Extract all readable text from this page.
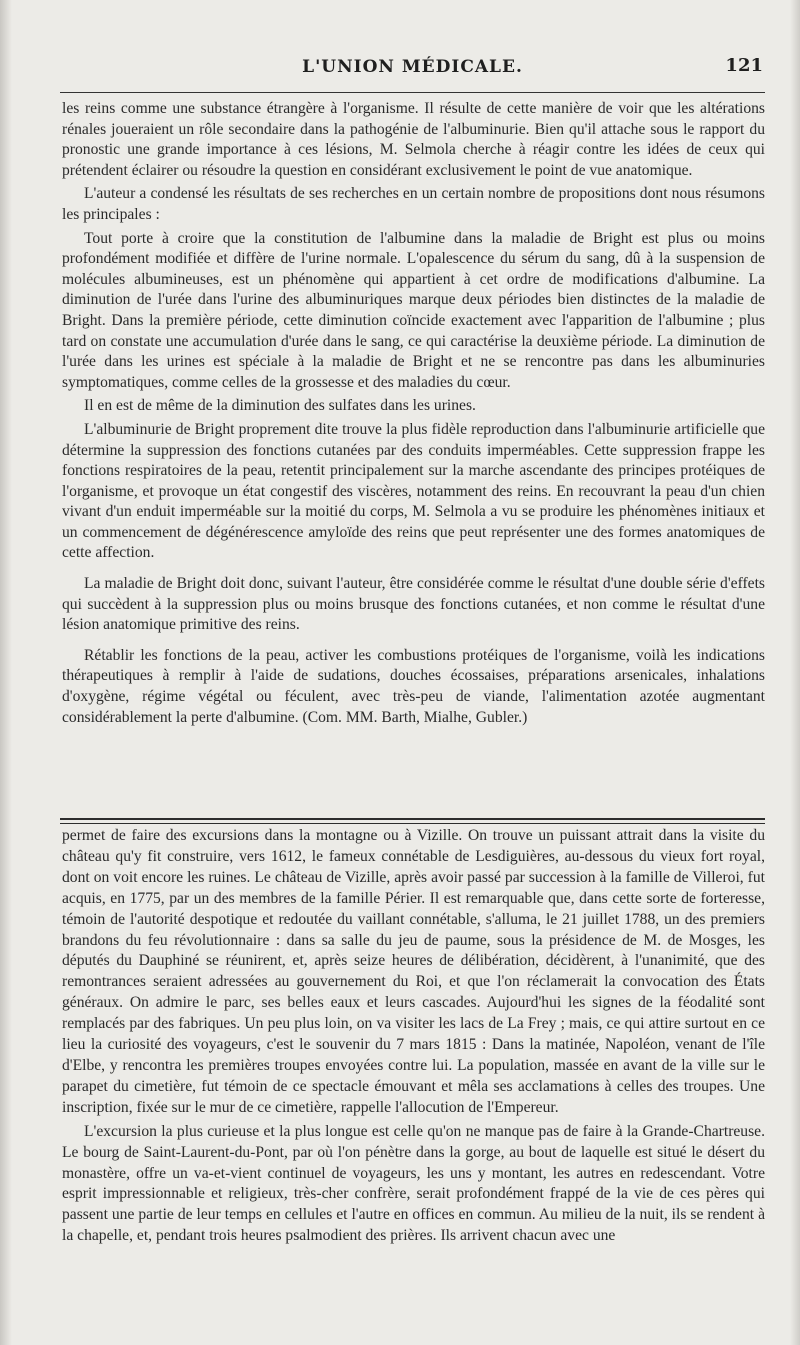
L'UNION MÉDICALE.	121

les reins comme une substance étrangère à l'organisme. Il résulte de cette manière de voir que les altérations rénales joueraient un rôle secondaire dans la pathogénie de l'albuminurie. Bien qu'il attache sous le rapport du pronostic une grande importance à ces lésions, M. Selmola cherche à réagir contre les idées de ceux qui prétendent éclairer ou résoudre la question en considérant exclusivement le point de vue anatomique.

L'auteur a condensé les résultats de ses recherches en un certain nombre de propositions dont nous résumons les principales :

Tout porte à croire que la constitution de l'albumine dans la maladie de Bright est plus ou moins profondément modifiée et diffère de l'urine normale. L'opalescence du sérum du sang, dû à la suspension de molécules albumineuses, est un phénomène qui appartient à cet ordre de modifications d'albumine. La diminution de l'urée dans l'urine des albuminuriques marque deux périodes bien distinctes de la maladie de Bright. Dans la première période, cette diminution coïncide exactement avec l'apparition de l'albumine ; plus tard on constate une accumulation d'urée dans le sang, ce qui caractérise la deuxième période. La diminution de l'urée dans les urines est spéciale à la maladie de Bright et ne se rencontre pas dans les albuminuries symptomatiques, comme celles de la grossesse et des maladies du cœur.

Il en est de même de la diminution des sulfates dans les urines.

L'albuminurie de Bright proprement dite trouve la plus fidèle reproduction dans l'albuminurie artificielle que détermine la suppression des fonctions cutanées par des conduits imperméables. Cette suppression frappe les fonctions respiratoires de la peau, retentit principalement sur la marche ascendante des principes protéiques de l'organisme, et provoque un état congestif des viscères, notamment des reins. En recouvrant la peau d'un chien vivant d'un enduit imperméable sur la moitié du corps, M. Selmola a vu se produire les phénomènes initiaux et un commencement de dégénérescence amyloïde des reins que peut représenter une des formes anatomiques de cette affection.

La maladie de Bright doit donc, suivant l'auteur, être considérée comme le résultat d'une double série d'effets qui succèdent à la suppression plus ou moins brusque des fonctions cutanées, et non comme le résultat d'une lésion anatomique primitive des reins.

Rétablir les fonctions de la peau, activer les combustions protéiques de l'organisme, voilà les indications thérapeutiques à remplir à l'aide de sudations, douches écossaises, préparations arsenicales, inhalations d'oxygène, régime végétal ou féculent, avec très-peu de viande, l'alimentation azotée augmentant considérablement la perte d'albumine. (Com. MM. Barth, Mialhe, Gubler.)

permet de faire des excursions dans la montagne ou à Vizille. On trouve un puissant attrait dans la visite du château qu'y fit construire, vers 1612, le fameux connétable de Lesdiguières, au-dessous du vieux fort royal, dont on voit encore les ruines. Le château de Vizille, après avoir passé par succession à la famille de Villeroi, fut acquis, en 1775, par un des membres de la famille Périer. Il est remarquable que, dans cette sorte de forteresse, témoin de l'autorité despotique et redoutée du vaillant connétable, s'alluma, le 21 juillet 1788, un des premiers brandons du feu révolutionnaire : dans sa salle du jeu de paume, sous la présidence de M. de Mosges, les députés du Dauphiné se réunirent, et, après seize heures de délibération, décidèrent, à l'unanimité, que des remontrances seraient adressées au gouvernement du Roi, et que l'on réclamerait la convocation des États généraux. On admire le parc, ses belles eaux et leurs cascades. Aujourd'hui les signes de la féodalité sont remplacés par des fabriques. Un peu plus loin, on va visiter les lacs de La Frey ; mais, ce qui attire surtout en ce lieu la curiosité des voyageurs, c'est le souvenir du 7 mars 1815 : Dans la matinée, Napoléon, venant de l'île d'Elbe, y rencontra les premières troupes envoyées contre lui. La population, massée en avant de la ville sur le parapet du cimetière, fut témoin de ce spectacle émouvant et mêla ses acclamations à celles des troupes. Une inscription, fixée sur le mur de ce cimetière, rappelle l'allocution de l'Empereur.

L'excursion la plus curieuse et la plus longue est celle qu'on ne manque pas de faire à la Grande-Chartreuse. Le bourg de Saint-Laurent-du-Pont, par où l'on pénètre dans la gorge, au bout de laquelle est situé le désert du monastère, offre un va-et-vient continuel de voyageurs, les uns y montant, les autres en redescendant. Votre esprit impressionnable et religieux, très-cher confrère, serait profondément frappé de la vie de ces pères qui passent une partie de leur temps en cellules et l'autre en offices en commun. Au milieu de la nuit, ils se rendent à la chapelle, et, pendant trois heures psalmodient des prières. Ils arrivent chacun avec une
